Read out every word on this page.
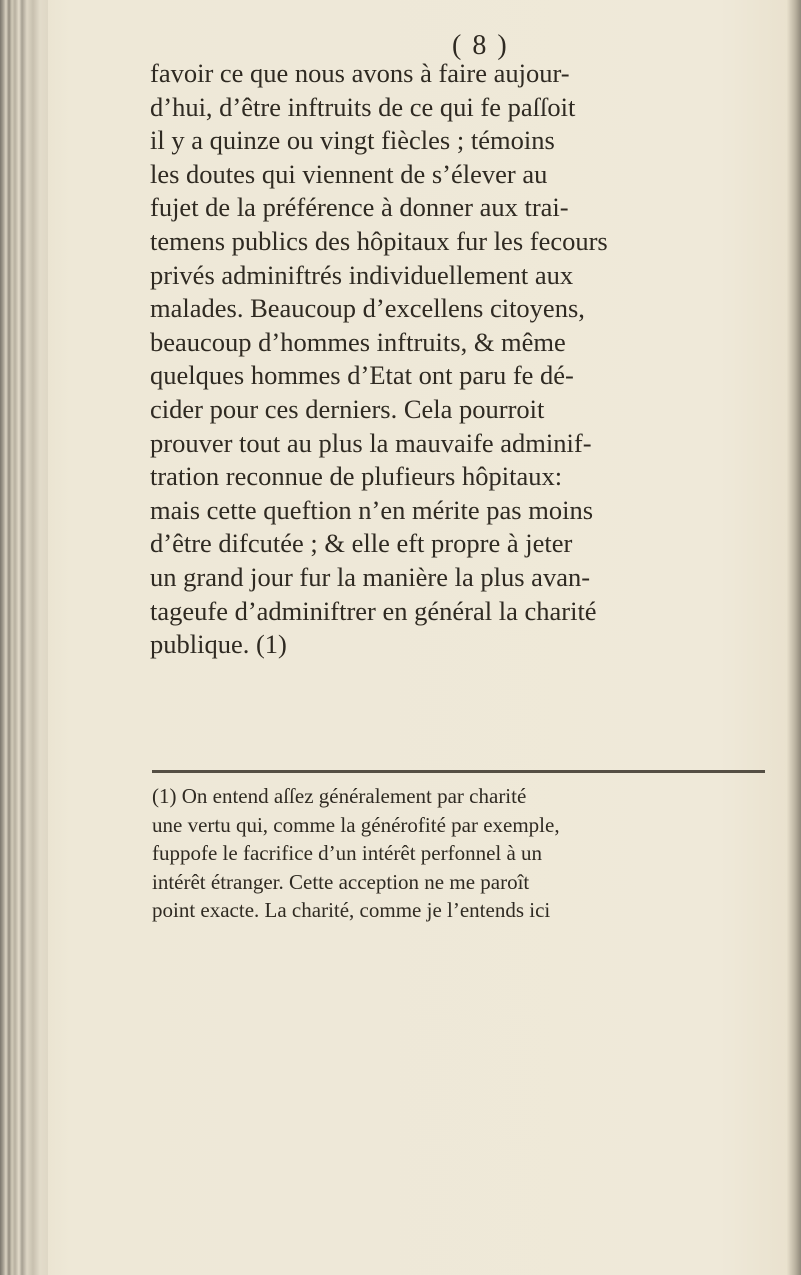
( 8 )
favoir ce que nous avons à faire aujour-
d’hui, d’être inftruits de ce qui fe paſſoit
il y a quinze ou vingt fiècles ; témoins
les doutes qui viennent de s’élever au
fujet de la préférence à donner aux trai-
temens publics des hôpitaux fur les fecours
privés adminiftrés individuellement aux
malades. Beaucoup d’excellens citoyens,
beaucoup d’hommes inftruits, & même
quelques hommes d’Etat ont paru fe dé-
cider pour ces derniers. Cela pourroit
prouver tout au plus la mauvaife adminif-
tration reconnue de plufieurs hôpitaux:
mais cette queftion n’en mérite pas moins
d’être difcutée ; & elle eft propre à jeter
un grand jour fur la manière la plus avan-
tageufe d’adminiftrer en général la charité
publique. (1)
(1) On entend aſſez généralement par charité
une vertu qui, comme la générofité par exemple,
fuppofe le facrifice d’un intérêt perfonnel à un
intérêt étranger. Cette acception ne me paroît
point exacte. La charité, comme je l’entends ici
